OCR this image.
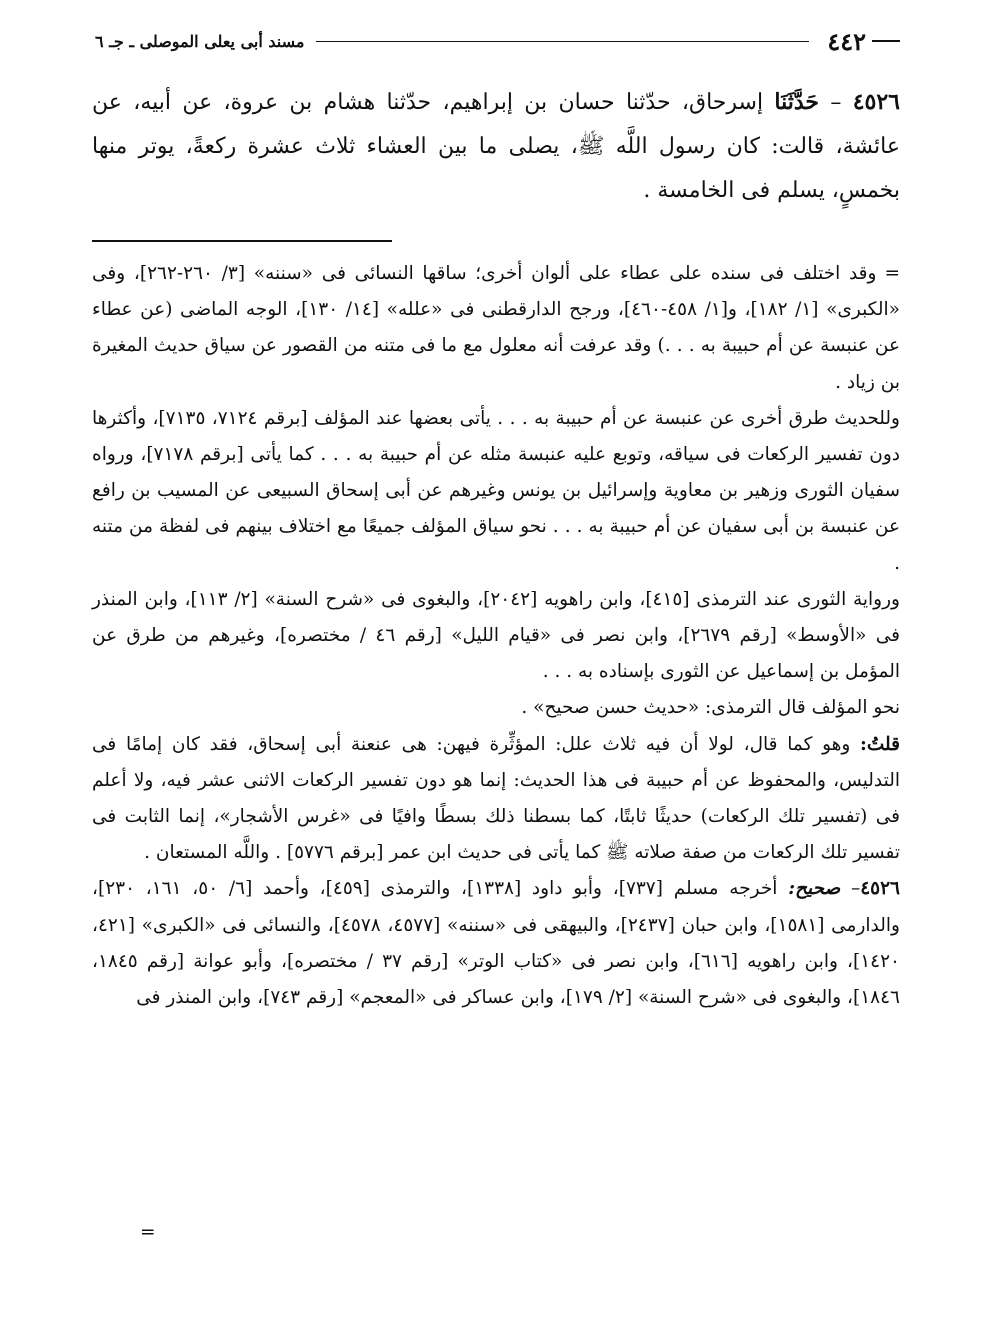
٤٤٢
مسند أبى يعلى الموصلى ـ جـ ٦
٤٥٢٦ – حَدَّثَنَا إسرحاق، حدّثنا حسان بن إبراهيم، حدّثنا هشام بن عروة، عن أبيه، عن عائشة، قالت: كان رسول اللَّه ﷺ، يصلى ما بين العشاء ثلاث عشرة ركعةً، يوتر منها بخمسٍ، يسلم فى الخامسة .

=وقد اختلف فى سنده على عطاء على ألوان أخرى؛ ساقها النسائى فى «سننه» [٣/ ٢٦٠-٢٦٢]، وفى «الكبرى» [١/ ١٨٢]، و[١/ ٤٥٨-٤٦٠]، ورجح الدارقطنى فى «علله» [١٤/ ١٣٠]، الوجه الماضى (عن عطاء عن عنبسة عن أم حبيبة به . . .) وقد عرفت أنه معلول مع ما فى متنه من القصور عن سياق حديث المغيرة بن زياد .

وللحديث طرق أخرى عن عنبسة عن أم حبيبة به . . . يأتى بعضها عند المؤلف [برقم ٧١٢٤، ٧١٣٥]، وأكثرها دون تفسير الركعات فى سياقه، وتوبع عليه عنبسة مثله عن أم حبيبة به . . . كما يأتى [برقم ٧١٧٨]، ورواه سفيان الثورى وزهير بن معاوية وإسرائيل بن يونس وغيرهم عن أبى إسحاق السبيعى عن المسيب بن رافع عن عنبسة بن أبى سفيان عن أم حبيبة به . . . نحو سياق المؤلف جميعًا مع اختلاف بينهم فى لفظة من متنه .

ورواية الثورى عند الترمذى [٤١٥]، وابن راهويه [٢٠٤٢]، والبغوى فى «شرح السنة» [٢/ ١١٣]، وابن المنذر فى «الأوسط» [رقم ٢٦٧٩]، وابن نصر فى «قيام الليل» [رقم ٤٦ / مختصره]، وغيرهم من طرق عن المؤمل بن إسماعيل عن الثورى بإسناده به . . .

نحو المؤلف قال الترمذى: «حديث حسن صحيح» .

قلتُ: وهو كما قال، لولا أن فيه ثلاث علل: المؤثِّرة فيهن: هى عنعنة أبى إسحاق، فقد كان إمامًا فى التدليس، والمحفوظ عن أم حبيبة فى هذا الحديث: إنما هو دون تفسير الركعات الاثنى عشر فيه، ولا أعلم فى (تفسير تلك الركعات) حديثًا ثابتًا، كما بسطنا ذلك بسطًا وافيًا فى «غرس الأشجار»، إنما الثابت فى تفسير تلك الركعات من صفة صلاته ﷺ كما يأتى فى حديث ابن عمر [برقم ٥٧٧٦] . واللَّه المستعان .

٤٥٢٦– صحيح: أخرجه مسلم [٧٣٧]، وأبو داود [١٣٣٨]، والترمذى [٤٥٩]، وأحمد [٦/ ٥٠، ١٦١، ٢٣٠]، والدارمى [١٥٨١]، وابن حبان [٢٤٣٧]، والبيهقى فى «سننه» [٤٥٧٧، ٤٥٧٨]، والنسائى فى «الكبرى» [٤٢١، ١٤٢٠]، وابن راهويه [٦١٦]، وابن نصر فى «كتاب الوتر» [رقم ٣٧ / مختصره]، وأبو عوانة [رقم ١٨٤٥، ١٨٤٦]، والبغوى فى «شرح السنة» [٢/ ١٧٩]، وابن عساكر فى «المعجم» [رقم ٧٤٣]، وابن المنذر فى

=
